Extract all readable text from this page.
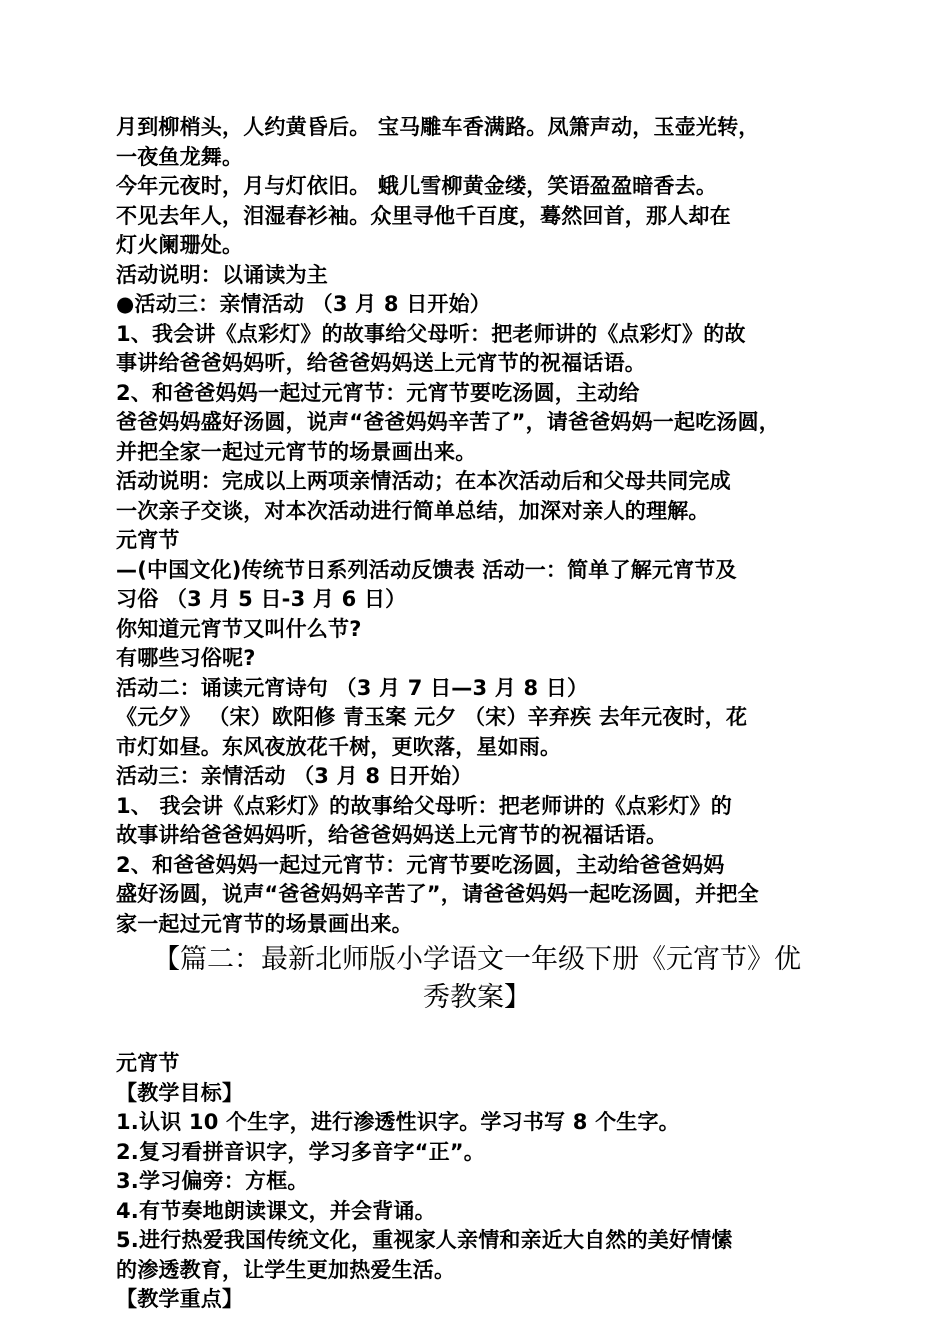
月到柳梢头，人约黄昏后。 宝马雕车香满路。凤箫声动，玉壶光转，
一夜鱼龙舞。
今年元夜时，月与灯依旧。 蛾儿雪柳黄金缕，笑语盈盈暗香去。
不见去年人，泪湿春衫袖。众里寻他千百度，蓦然回首，那人却在
灯火阑珊处。
活动说明：以诵读为主
●活动三：亲情活动 （3 月 8 日开始）
1、我会讲《点彩灯》的故事给父母听：把老师讲的《点彩灯》的故
事讲给爸爸妈妈听，给爸爸妈妈送上元宵节的祝福话语。
2、和爸爸妈妈一起过元宵节：元宵节要吃汤圆，主动给
爸爸妈妈盛好汤圆，说声“爸爸妈妈辛苦了”，请爸爸妈妈一起吃汤圆，
并把全家一起过元宵节的场景画出来。
活动说明：完成以上两项亲情活动；在本次活动后和父母共同完成
一次亲子交谈，对本次活动进行简单总结，加深对亲人的理解。
元宵节
—(中国文化)传统节日系列活动反馈表 活动一：简单了解元宵节及
习俗 （3 月 5 日-3 月 6 日）
你知道元宵节又叫什么节?
有哪些习俗呢?
活动二：诵读元宵诗句 （3 月 7 日—3 月 8 日）
《元夕》 （宋）欧阳修 青玉案 元夕 （宋）辛弃疾 去年元夜时，花
市灯如昼。东风夜放花千树，更吹落，星如雨。
活动三：亲情活动 （3 月 8 日开始）
1、 我会讲《点彩灯》的故事给父母听：把老师讲的《点彩灯》的
故事讲给爸爸妈妈听，给爸爸妈妈送上元宵节的祝福话语。
2、和爸爸妈妈一起过元宵节：元宵节要吃汤圆，主动给爸爸妈妈
盛好汤圆，说声“爸爸妈妈辛苦了”，请爸爸妈妈一起吃汤圆，并把全
家一起过元宵节的场景画出来。
【篇二：最新北师版小学语文一年级下册《元宵节》优
秀教案】
元宵节
【教学目标】
1.认识 10 个生字，进行渗透性识字。学习书写 8 个生字。
2.复习看拼音识字，学习多音字“正”。
3.学习偏旁：方框。
4.有节奏地朗读课文，并会背诵。
5.进行热爱我国传统文化，重视家人亲情和亲近大自然的美好情愫
的渗透教育，让学生更加热爱生活。
【教学重点】
